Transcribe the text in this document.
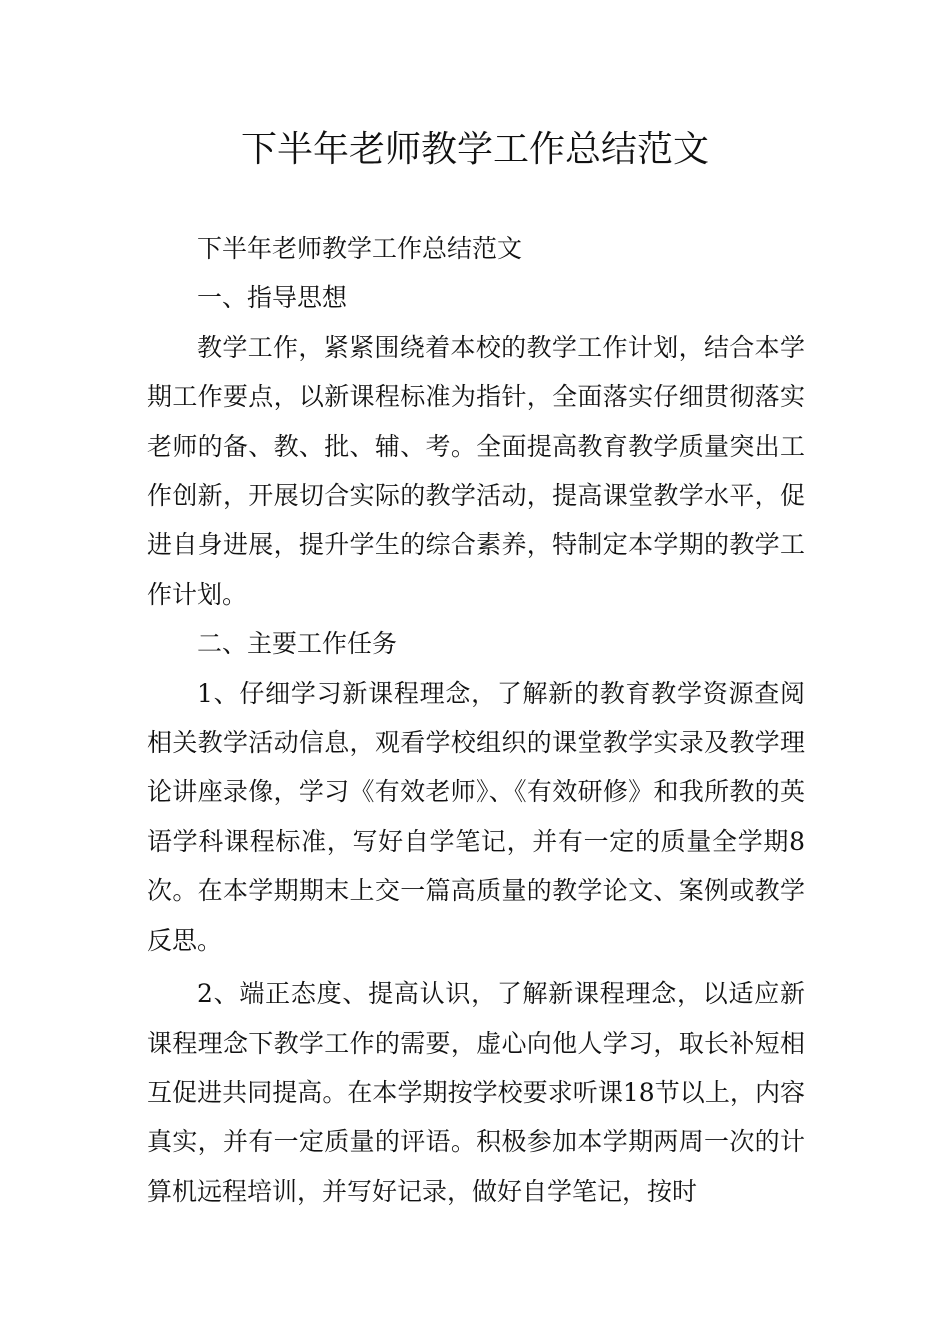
下半年老师教学工作总结范文

下半年老师教学工作总结范文

一、指导思想

教学工作，紧紧围绕着本校的教学工作计划，结合本学期工作要点，以新课程标准为指针，全面落实仔细贯彻落实老师的备、教、批、辅、考。全面提高教育教学质量突出工作创新，开展切合实际的教学活动，提高课堂教学水平，促进自身进展，提升学生的综合素养，特制定本学期的教学工作计划。

二、主要工作任务

1、仔细学习新课程理念，了解新的教育教学资源查阅相关教学活动信息，观看学校组织的课堂教学实录及教学理论讲座录像，学习《有效老师》、《有效研修》和我所教的英语学科课程标准，写好自学笔记，并有一定的质量全学期8次。在本学期期末上交一篇高质量的教学论文、案例或教学反思。

2、端正态度、提高认识，了解新课程理念，以适应新课程理念下教学工作的需要，虚心向他人学习，取长补短相互促进共同提高。在本学期按学校要求听课18节以上，内容真实，并有一定质量的评语。积极参加本学期两周一次的计算机远程培训，并写好记录，做好自学笔记，按时
